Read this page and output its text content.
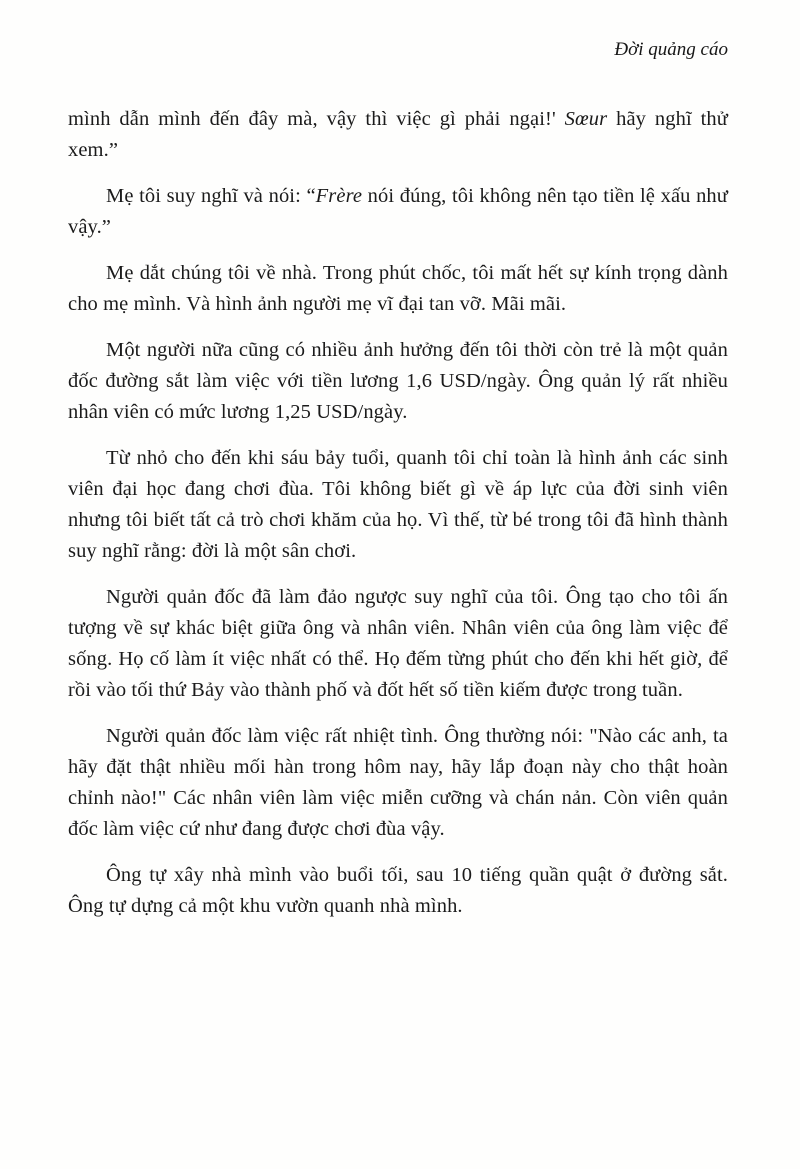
Đời quảng cáo

mình dẫn mình đến đây mà, vậy thì việc gì phải ngại!' Sœur hãy nghĩ thử xem.”

Mẹ tôi suy nghĩ và nói: “Frère nói đúng, tôi không nên tạo tiền lệ xấu như vậy.”

Mẹ dắt chúng tôi về nhà. Trong phút chốc, tôi mất hết sự kính trọng dành cho mẹ mình. Và hình ảnh người mẹ vĩ đại tan vỡ. Mãi mãi.

Một người nữa cũng có nhiều ảnh hưởng đến tôi thời còn trẻ là một quản đốc đường sắt làm việc với tiền lương 1,6 USD/ngày. Ông quản lý rất nhiều nhân viên có mức lương 1,25 USD/ngày.

Từ nhỏ cho đến khi sáu bảy tuổi, quanh tôi chỉ toàn là hình ảnh các sinh viên đại học đang chơi đùa. Tôi không biết gì về áp lực của đời sinh viên nhưng tôi biết tất cả trò chơi khăm của họ. Vì thế, từ bé trong tôi đã hình thành suy nghĩ rằng: đời là một sân chơi.

Người quản đốc đã làm đảo ngược suy nghĩ của tôi. Ông tạo cho tôi ấn tượng về sự khác biệt giữa ông và nhân viên. Nhân viên của ông làm việc để sống. Họ cố làm ít việc nhất có thể. Họ đếm từng phút cho đến khi hết giờ, để rồi vào tối thứ Bảy vào thành phố và đốt hết số tiền kiếm được trong tuần.

Người quản đốc làm việc rất nhiệt tình. Ông thường nói: "Nào các anh, ta hãy đặt thật nhiều mối hàn trong hôm nay, hãy lắp đoạn này cho thật hoàn chỉnh nào!" Các nhân viên làm việc miễn cưỡng và chán nản. Còn viên quản đốc làm việc cứ như đang được chơi đùa vậy.

Ông tự xây nhà mình vào buổi tối, sau 10 tiếng quần quật ở đường sắt. Ông tự dựng cả một khu vườn quanh nhà mình.
